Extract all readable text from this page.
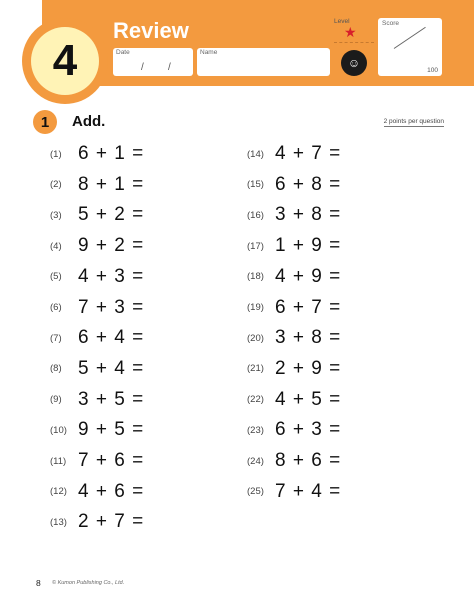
4
Review
Date
/ /
Name
Level
★
☺
Score
100
1	Add.	2 points per question
(1) 6 + 1 =
(2) 8 + 1 =
(3) 5 + 2 =
(4) 9 + 2 =
(5) 4 + 3 =
(6) 7 + 3 =
(7) 6 + 4 =
(8) 5 + 4 =
(9) 3 + 5 =
(10) 9 + 5 =
(11) 7 + 6 =
(12) 4 + 6 =
(13) 2 + 7 =
(14) 4 + 7 =
(15) 6 + 8 =
(16) 3 + 8 =
(17) 1 + 9 =
(18) 4 + 9 =
(19) 6 + 7 =
(20) 3 + 8 =
(21) 2 + 9 =
(22) 4 + 5 =
(23) 6 + 3 =
(24) 8 + 6 =
(25) 7 + 4 =
8 © Kumon Publishing Co., Ltd.
